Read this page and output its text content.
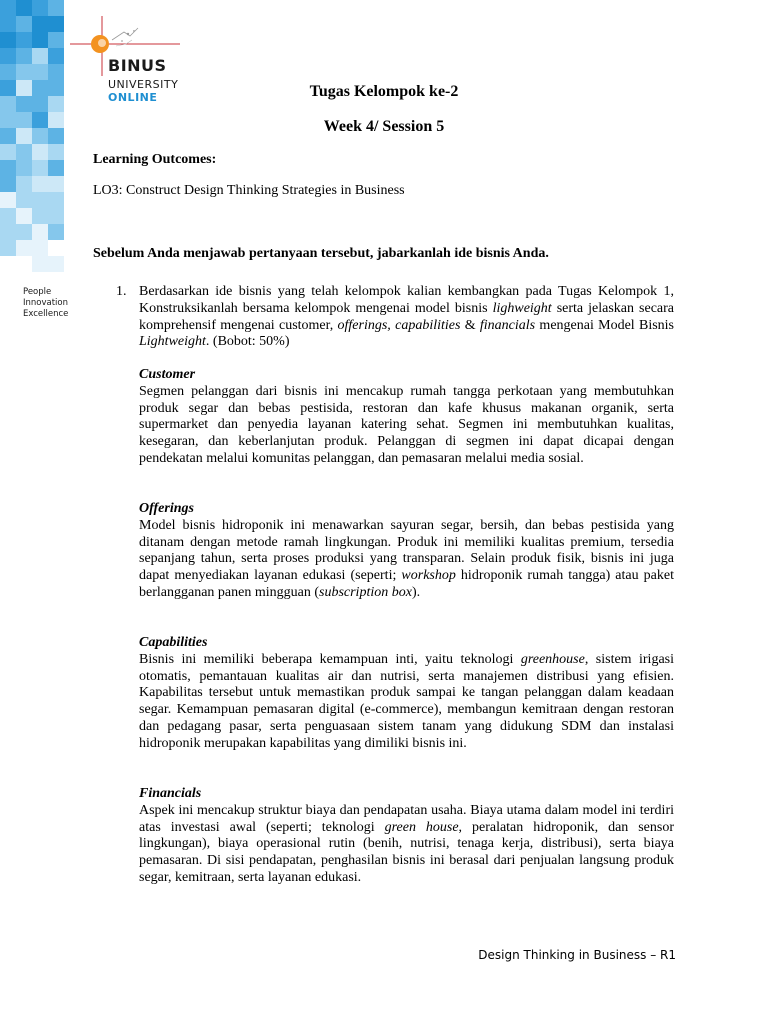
People
Innovation
Excellence
BINUS
UNIVERSITY
ONLINE	Tugas Kelompok ke-2
Week 4/ Session 5
Learning Outcomes:
LO3: Construct Design Thinking Strategies in Business
Sebelum Anda menjawab pertanyaan tersebut, jabarkanlah ide bisnis Anda.
1. Berdasarkan ide bisnis yang telah kelompok kalian kembangkan pada Tugas Kelompok 1, Konstruksikanlah bersama kelompok mengenai model bisnis lighweight serta jelaskan secara komprehensif mengenai customer, offerings, capabilities & financials mengenai Model Bisnis Lightweight. (Bobot: 50%)
Customer

Segmen pelanggan dari bisnis ini mencakup rumah tangga perkotaan yang membutuhkan produk segar dan bebas pestisida, restoran dan kafe khusus makanan organik, serta supermarket dan penyedia layanan katering sehat. Segmen ini membutuhkan kualitas, kesegaran, dan keberlanjutan produk. Pelanggan di segmen ini dapat dicapai dengan pendekatan melalui komunitas pelanggan, dan pemasaran melalui media sosial.

Offerings

Model bisnis hidroponik ini menawarkan sayuran segar, bersih, dan bebas pestisida yang ditanam dengan metode ramah lingkungan. Produk ini memiliki kualitas premium, tersedia sepanjang tahun, serta proses produksi yang transparan. Selain produk fisik, bisnis ini juga dapat menyediakan layanan edukasi (seperti; workshop hidroponik rumah tangga) atau paket berlangganan panen mingguan (subscription box).

Capabilities

Bisnis ini memiliki beberapa kemampuan inti, yaitu teknologi greenhouse, sistem irigasi otomatis, pemantauan kualitas air dan nutrisi, serta manajemen distribusi yang efisien. Kapabilitas tersebut untuk memastikan produk sampai ke tangan pelanggan dalam keadaan segar. Kemampuan pemasaran digital (e-commerce), membangun kemitraan dengan restoran dan pedagang pasar, serta penguasaan sistem tanam yang didukung SDM dan instalasi hidroponik merupakan kapabilitas yang dimiliki bisnis ini.

Financials

Aspek ini mencakup struktur biaya dan pendapatan usaha. Biaya utama dalam model ini terdiri atas investasi awal (seperti; teknologi green house, peralatan hidroponik, dan sensor lingkungan), biaya operasional rutin (benih, nutrisi, tenaga kerja, distribusi), serta biaya pemasaran. Di sisi pendapatan, penghasilan bisnis ini berasal dari penjualan langsung produk segar, kemitraan, serta layanan edukasi.

Design Thinking in Business – R1
